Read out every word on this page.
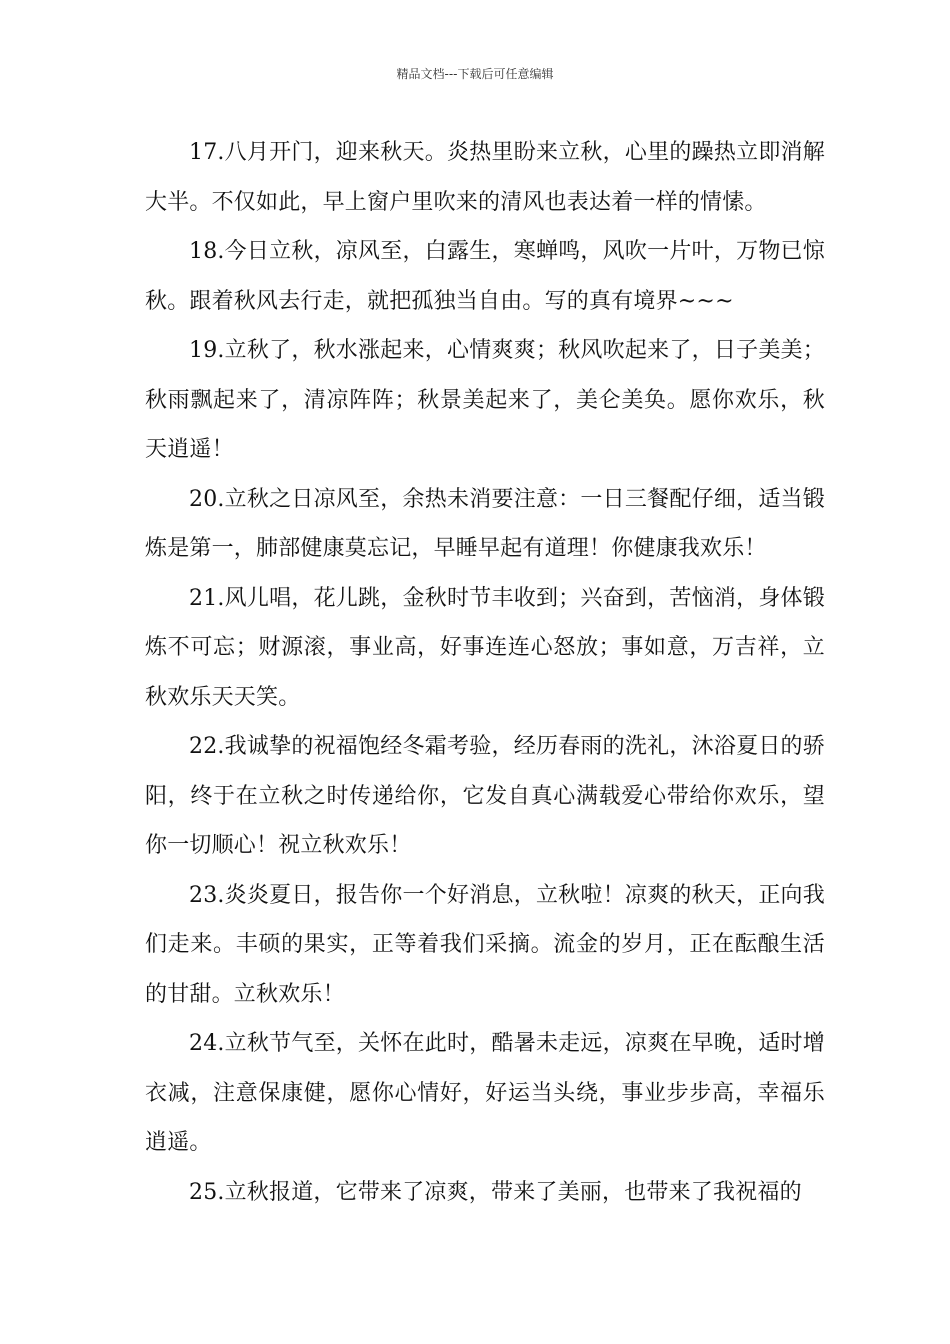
精品文档---下载后可任意编辑

17.八月开门，迎来秋天。炎热里盼来立秋，心里的躁热立即消解大半。不仅如此，早上窗户里吹来的清风也表达着一样的情愫。

18.今日立秋，凉风至，白露生，寒蝉鸣，风吹一片叶，万物已惊秋。跟着秋风去行走，就把孤独当自由。写的真有境界~~~

19.立秋了，秋水涨起来，心情爽爽；秋风吹起来了，日子美美；秋雨飘起来了，清凉阵阵；秋景美起来了，美仑美奂。愿你欢乐，秋天逍遥！

20.立秋之日凉风至，余热未消要注意：一日三餐配仔细，适当锻炼是第一，肺部健康莫忘记，早睡早起有道理！你健康我欢乐！

21.风儿唱，花儿跳，金秋时节丰收到；兴奋到，苦恼消，身体锻炼不可忘；财源滚，事业高，好事连连心怒放；事如意，万吉祥，立秋欢乐天天笑。

22.我诚挚的祝福饱经冬霜考验，经历春雨的洗礼，沐浴夏日的骄阳，终于在立秋之时传递给你，它发自真心满载爱心带给你欢乐，望你一切顺心！祝立秋欢乐！

23.炎炎夏日，报告你一个好消息，立秋啦！凉爽的秋天，正向我们走来。丰硕的果实，正等着我们采摘。流金的岁月，正在酝酿生活的甘甜。立秋欢乐！

24.立秋节气至，关怀在此时，酷暑未走远，凉爽在早晚，适时增衣减，注意保康健，愿你心情好，好运当头绕，事业步步高，幸福乐逍遥。

25.立秋报道，它带来了凉爽，带来了美丽，也带来了我祝福的
